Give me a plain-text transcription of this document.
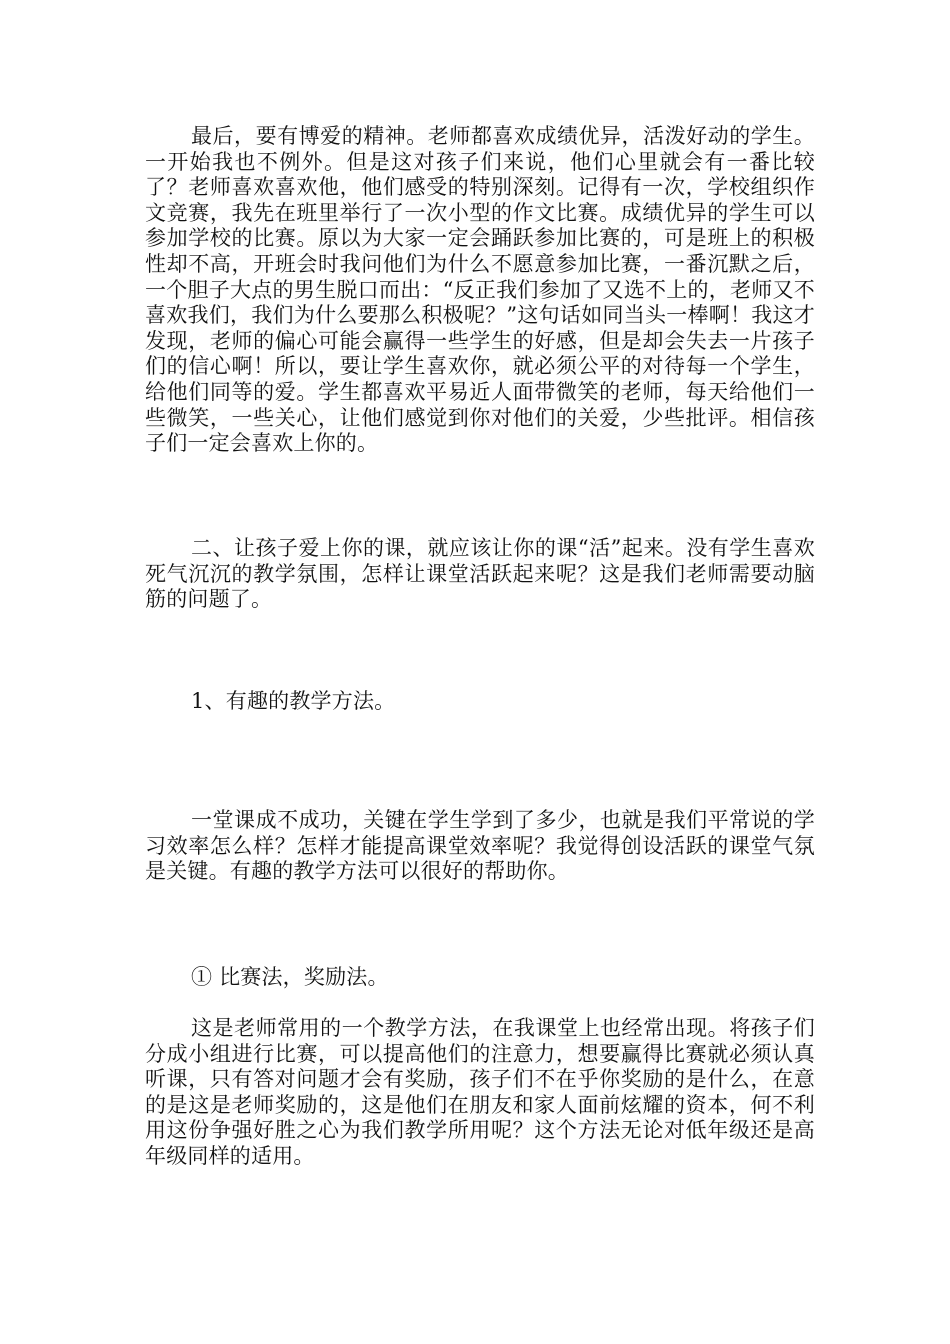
最后，要有博爱的精神。老师都喜欢成绩优异，活泼好动的学生。一开始我也不例外。但是这对孩子们来说，他们心里就会有一番比较了？老师喜欢喜欢他，他们感受的特别深刻。记得有一次，学校组织作文竞赛，我先在班里举行了一次小型的作文比赛。成绩优异的学生可以参加学校的比赛。原以为大家一定会踊跃参加比赛的，可是班上的积极性却不高，开班会时我问他们为什么不愿意参加比赛，一番沉默之后，一个胆子大点的男生脱口而出：“反正我们参加了又选不上的，老师又不喜欢我们，我们为什么要那么积极呢？”这句话如同当头一棒啊！我这才发现，老师的偏心可能会赢得一些学生的好感，但是却会失去一片孩子们的信心啊！所以，要让学生喜欢你，就必须公平的对待每一个学生，给他们同等的爱。学生都喜欢平易近人面带微笑的老师，每天给他们一些微笑，一些关心，让他们感觉到你对他们的关爱，少些批评。相信孩子们一定会喜欢上你的。

二、让孩子爱上你的课，就应该让你的课“活”起来。没有学生喜欢死气沉沉的教学氛围，怎样让课堂活跃起来呢？这是我们老师需要动脑筋的问题了。

1、有趣的教学方法。

一堂课成不成功，关键在学生学到了多少，也就是我们平常说的学习效率怎么样？怎样才能提高课堂效率呢？我觉得创设活跃的课堂气氛是关键。有趣的教学方法可以很好的帮助你。

① 比赛法，奖励法。

这是老师常用的一个教学方法，在我课堂上也经常出现。将孩子们分成小组进行比赛，可以提高他们的注意力，想要赢得比赛就必须认真听课，只有答对问题才会有奖励，孩子们不在乎你奖励的是什么，在意的是这是老师奖励的，这是他们在朋友和家人面前炫耀的资本，何不利用这份争强好胜之心为我们教学所用呢？这个方法无论对低年级还是高年级同样的适用。
